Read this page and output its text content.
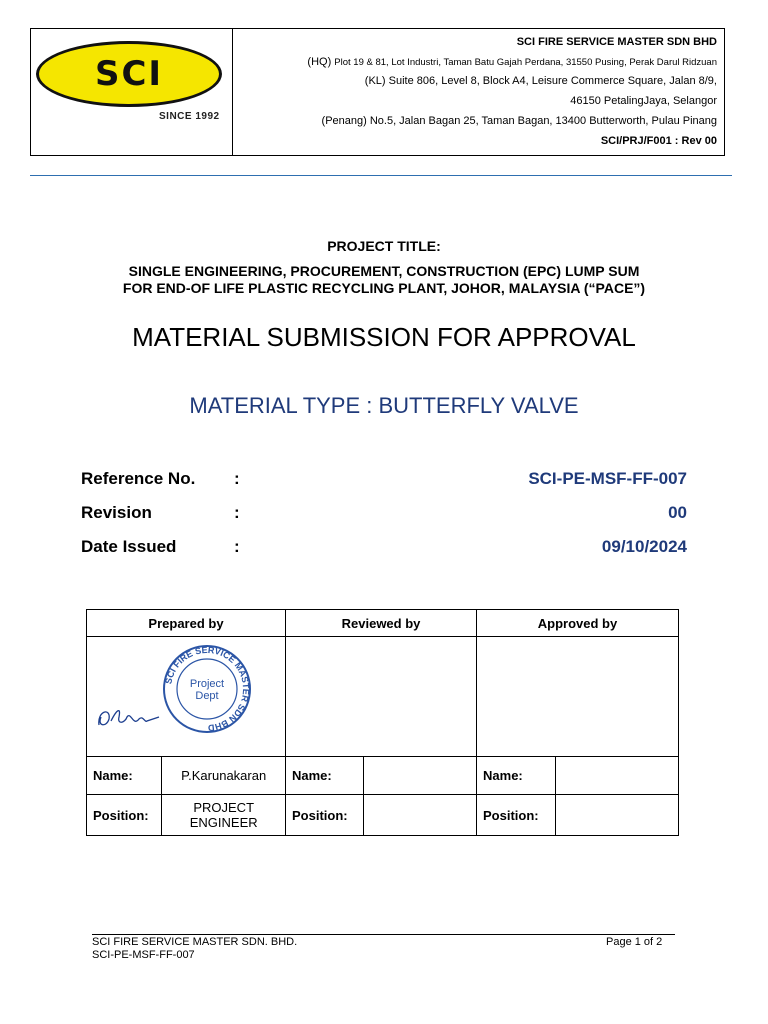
SCI
SINCE 1992
SCI FIRE SERVICE MASTER SDN BHD
(HQ) Plot 19 & 81, Lot Industri, Taman Batu Gajah Perdana, 31550 Pusing, Perak Darul Ridzuan
(KL) Suite 806, Level 8, Block A4, Leisure Commerce Square, Jalan 8/9,
46150 PetalingJaya, Selangor
(Penang) No.5, Jalan Bagan 25, Taman Bagan, 13400 Butterworth, Pulau Pinang
SCI/PRJ/F001 : Rev 00
PROJECT TITLE:
SINGLE ENGINEERING, PROCUREMENT, CONSTRUCTION (EPC) LUMP SUM
FOR END-OF LIFE PLASTIC RECYCLING PLANT, JOHOR, MALAYSIA (“PACE”)
MATERIAL SUBMISSION FOR APPROVAL
MATERIAL TYPE : BUTTERFLY VALVE
Reference No. :	SCI-PE-MSF-FF-007
Revision	:	00
Date Issued	:	09/10/2024
Prepared by		Reviewed by		Approved by	

SCI FIRE SERVICE MASTER SDN BHD
Project
Dept					

Name:	P.Karunakaran	Name:		Name:	
Position:	PROJECT
ENGINEER	Position:		Position:	
SCI FIRE SERVICE MASTER SDN. BHD.
SCI-PE-MSF-FF-007
Page 1 of 2
